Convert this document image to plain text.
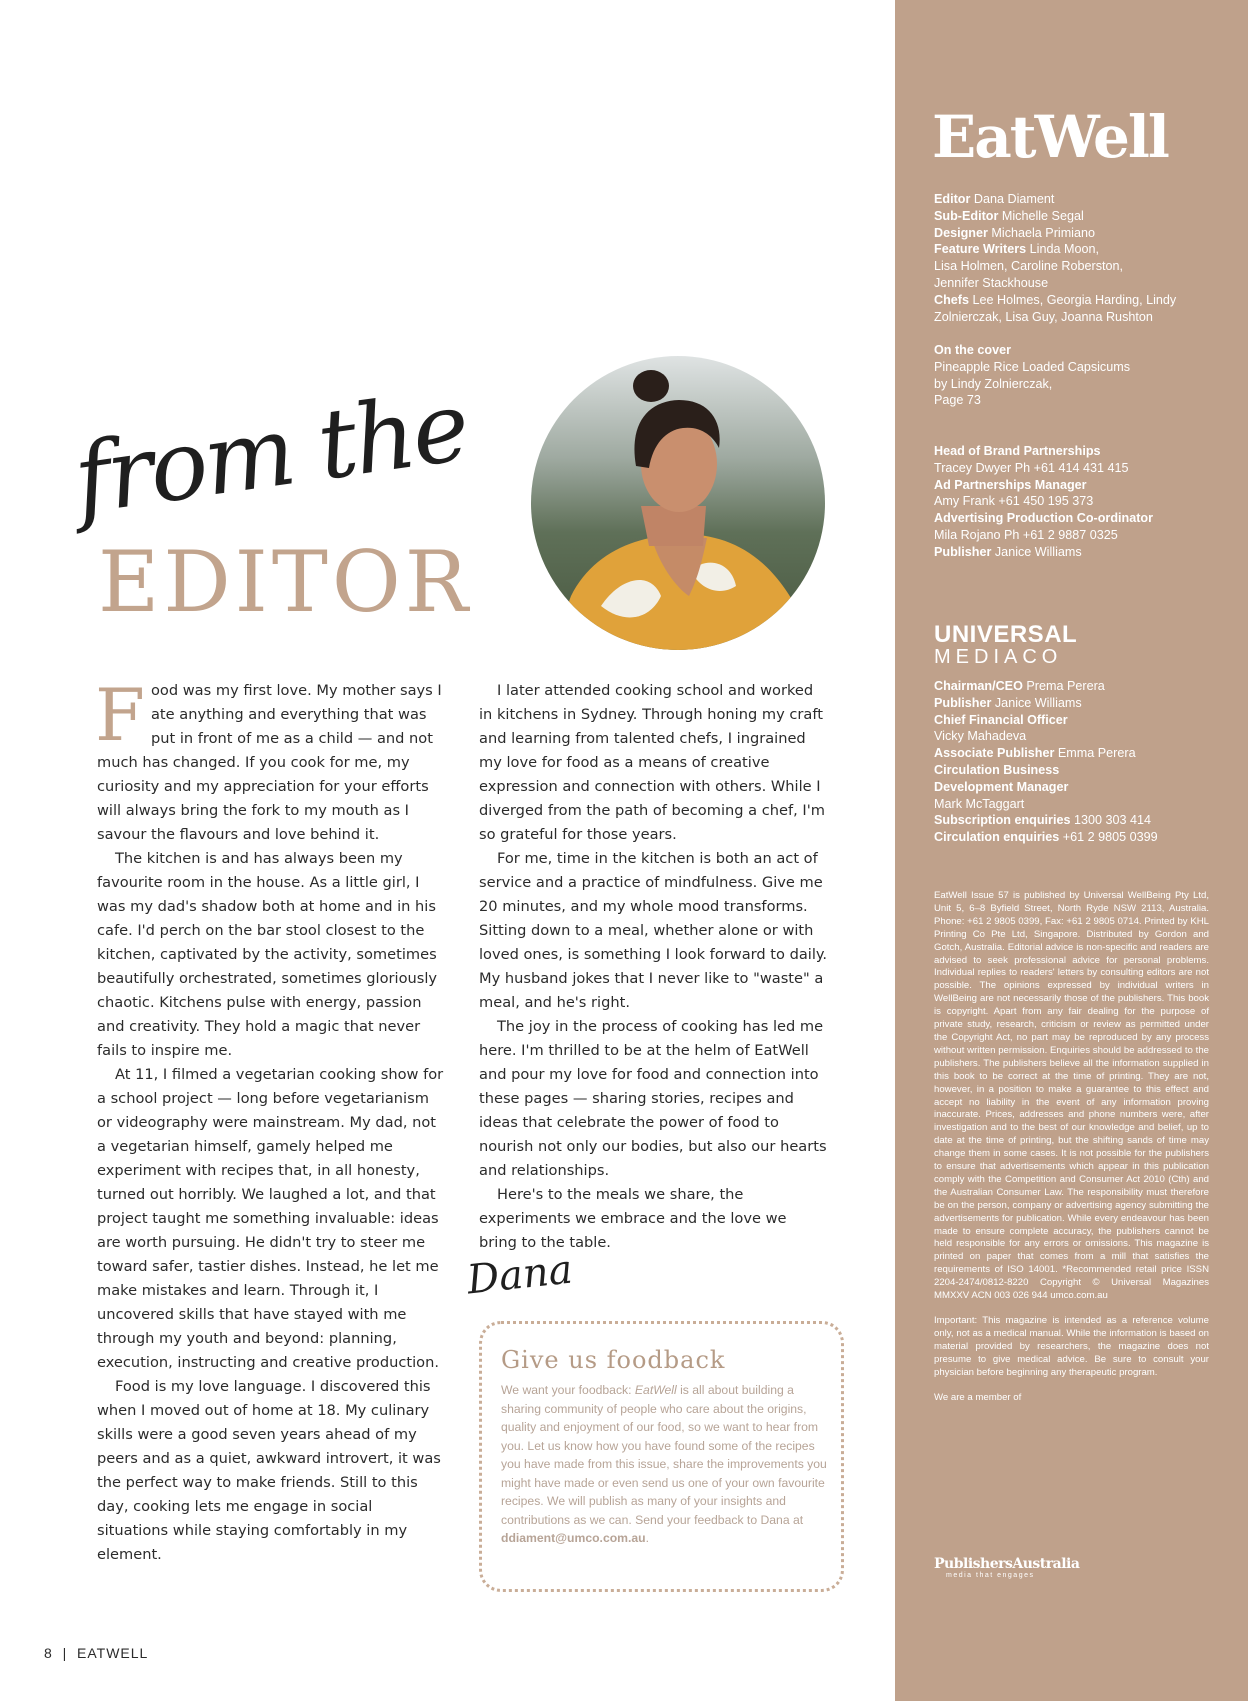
from the
EDITOR

Food was my first love. My mother says I ate anything and everything that was put in front of me as a child — and not much has changed. If you cook for me, my curiosity and my appreciation for your efforts will always bring the fork to my mouth as I savour the flavours and love behind it.

The kitchen is and has always been my favourite room in the house. As a little girl, I was my dad's shadow both at home and in his cafe. I'd perch on the bar stool closest to the kitchen, captivated by the activity, sometimes beautifully orchestrated, sometimes gloriously chaotic. Kitchens pulse with energy, passion and creativity. They hold a magic that never fails to inspire me.

At 11, I filmed a vegetarian cooking show for a school project — long before vegetarianism or videography were mainstream. My dad, not a vegetarian himself, gamely helped me experiment with recipes that, in all honesty, turned out horribly. We laughed a lot, and that project taught me something invaluable: ideas are worth pursuing. He didn't try to steer me toward safer, tastier dishes. Instead, he let me make mistakes and learn. Through it, I uncovered skills that have stayed with me through my youth and beyond: planning, execution, instructing and creative production.

Food is my love language. I discovered this when I moved out of home at 18. My culinary skills were a good seven years ahead of my peers and as a quiet, awkward introvert, it was the perfect way to make friends. Still to this day, cooking lets me engage in social situations while staying comfortably in my element.

I later attended cooking school and worked in kitchens in Sydney. Through honing my craft and learning from talented chefs, I ingrained my love for food as a means of creative expression and connection with others. While I diverged from the path of becoming a chef, I'm so grateful for those years.

For me, time in the kitchen is both an act of service and a practice of mindfulness. Give me 20 minutes, and my whole mood transforms. Sitting down to a meal, whether alone or with loved ones, is something I look forward to daily. My husband jokes that I never like to "waste" a meal, and he's right.

The joy in the process of cooking has led me here. I'm thrilled to be at the helm of EatWell and pour my love for food and connection into these pages — sharing stories, recipes and ideas that celebrate the power of food to nourish not only our bodies, but also our hearts and relationships.

Here's to the meals we share, the experiments we embrace and the love we bring to the table.

Dana
Give us foodback
We want your foodback: EatWell is all about building a sharing community of people who care about the origins, quality and enjoyment of our food, so we want to hear from you. Let us know how you have found some of the recipes you have made from this issue, share the improvements you might have made or even send us one of your own favourite recipes. We will publish as many of your insights and contributions as we can. Send your feedback to Dana at ddiament@umco.com.au.
EatWell
Editor Dana Diament
Sub-Editor Michelle Segal
Designer Michaela Primiano
Feature Writers Linda Moon,
Lisa Holmen, Caroline Roberston,
Jennifer Stackhouse
Chefs Lee Holmes, Georgia Harding, Lindy
Zolnierczak, Lisa Guy, Joanna Rushton
On the cover
Pineapple Rice Loaded Capsicums
by Lindy Zolnierczak,
Page 73
Head of Brand Partnerships
Tracey Dwyer Ph +61 414 431 415
Ad Partnerships Manager
Amy Frank +61 450 195 373
Advertising Production Co-ordinator
Mila Rojano Ph +61 2 9887 0325
Publisher Janice Williams
UNIVERSAL
MEDIACO
Chairman/CEO Prema Perera
Publisher Janice Williams
Chief Financial Officer
Vicky Mahadeva
Associate Publisher Emma Perera
Circulation Business
Development Manager
Mark McTaggart
Subscription enquiries 1300 303 414
Circulation enquiries +61 2 9805 0399

EatWell Issue 57 is published by Universal WellBeing Pty Ltd, Unit 5, 6–8 Byfield Street, North Ryde NSW 2113, Australia. Phone: +61 2 9805 0399, Fax: +61 2 9805 0714. Printed by KHL Printing Co Pte Ltd, Singapore. Distributed by Gordon and Gotch, Australia. Editorial advice is non-specific and readers are advised to seek professional advice for personal problems. Individual replies to readers' letters by consulting editors are not possible. The opinions expressed by individual writers in WellBeing are not necessarily those of the publishers. This book is copyright. Apart from any fair dealing for the purpose of private study, research, criticism or review as permitted under the Copyright Act, no part may be reproduced by any process without written permission. Enquiries should be addressed to the publishers. The publishers believe all the information supplied in this book to be correct at the time of printing. They are not, however, in a position to make a guarantee to this effect and accept no liability in the event of any information proving inaccurate. Prices, addresses and phone numbers were, after investigation and to the best of our knowledge and belief, up to date at the time of printing, but the shifting sands of time may change them in some cases. It is not possible for the publishers to ensure that advertisements which appear in this publication comply with the Competition and Consumer Act 2010 (Cth) and the Australian Consumer Law. The responsibility must therefore be on the person, company or advertising agency submitting the advertisements for publication. While every endeavour has been made to ensure complete accuracy, the publishers cannot be held responsible for any errors or omissions. This magazine is printed on paper that comes from a mill that satisfies the requirements of ISO 14001. *Recommended retail price ISSN 2204-2474/0812-8220 Copyright © Universal Magazines MMXXV ACN 003 026 944 umco.com.au

Important: This magazine is intended as a reference volume only, not as a medical manual. While the information is based on material provided by researchers, the magazine does not presume to give medical advice. Be sure to consult your physician before beginning any therapeutic program.

We are a member of

PublishersAustralia
media that engages
8 | EATWELL
